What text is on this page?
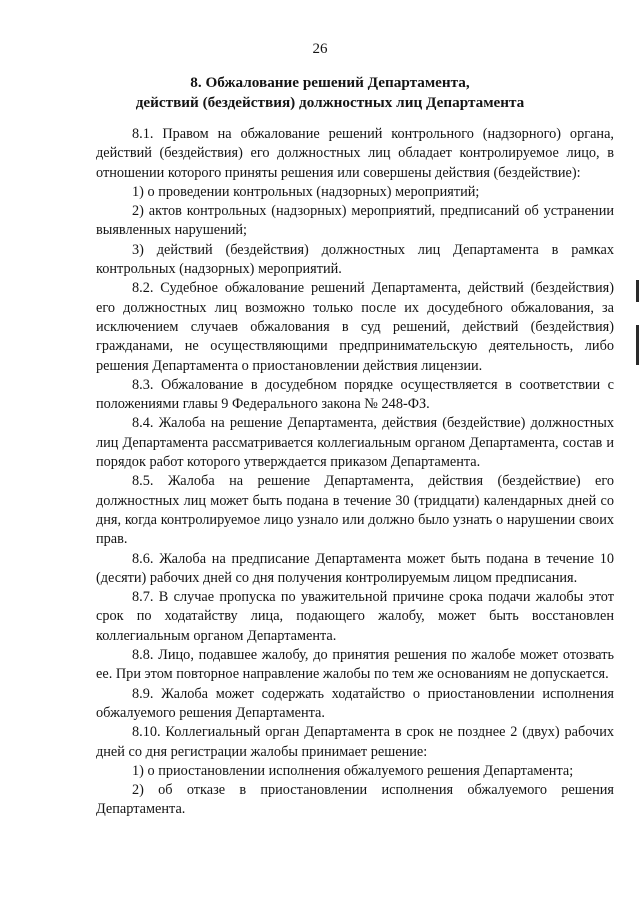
26
8. Обжалование решений Департамента,
действий (бездействия) должностных лиц Департамента

8.1. Правом на обжалование решений контрольного (надзорного) органа, действий (бездействия) его должностных лиц обладает контролируемое лицо, в отношении которого приняты решения или совершены действия (бездействие):

1) о проведении контрольных (надзорных) мероприятий;

2) актов контрольных (надзорных) мероприятий, предписаний об устранении выявленных нарушений;

3) действий (бездействия) должностных лиц Департамента в рамках контрольных (надзорных) мероприятий.

8.2. Судебное обжалование решений Департамента, действий (бездействия) его должностных лиц возможно только после их досудебного обжалования, за исключением случаев обжалования в суд решений, действий (бездействия) гражданами, не осуществляющими предпринимательскую деятельность, либо решения Департамента о приостановлении действия лицензии.

8.3. Обжалование в досудебном порядке осуществляется в соответствии с положениями главы 9 Федерального закона № 248-ФЗ.

8.4. Жалоба на решение Департамента, действия (бездействие) должностных лиц Департамента рассматривается коллегиальным органом Департамента, состав и порядок работ которого утверждается приказом Департамента.

8.5. Жалоба на решение Департамента, действия (бездействие) его должностных лиц может быть подана в течение 30 (тридцати) календарных дней со дня, когда контролируемое лицо узнало или должно было узнать о нарушении своих прав.

8.6. Жалоба на предписание Департамента может быть подана в течение 10 (десяти) рабочих дней со дня получения контролируемым лицом предписания.

8.7. В случае пропуска по уважительной причине срока подачи жалобы этот срок по ходатайству лица, подающего жалобу, может быть восстановлен коллегиальным органом Департамента.

8.8. Лицо, подавшее жалобу, до принятия решения по жалобе может отозвать ее. При этом повторное направление жалобы по тем же основаниям не допускается.

8.9. Жалоба может содержать ходатайство о приостановлении исполнения обжалуемого решения Департамента.

8.10. Коллегиальный орган Департамента в срок не позднее 2 (двух) рабочих дней со дня регистрации жалобы принимает решение:

1) о приостановлении исполнения обжалуемого решения Департамента;

2) об отказе в приостановлении исполнения обжалуемого решения Департамента.
